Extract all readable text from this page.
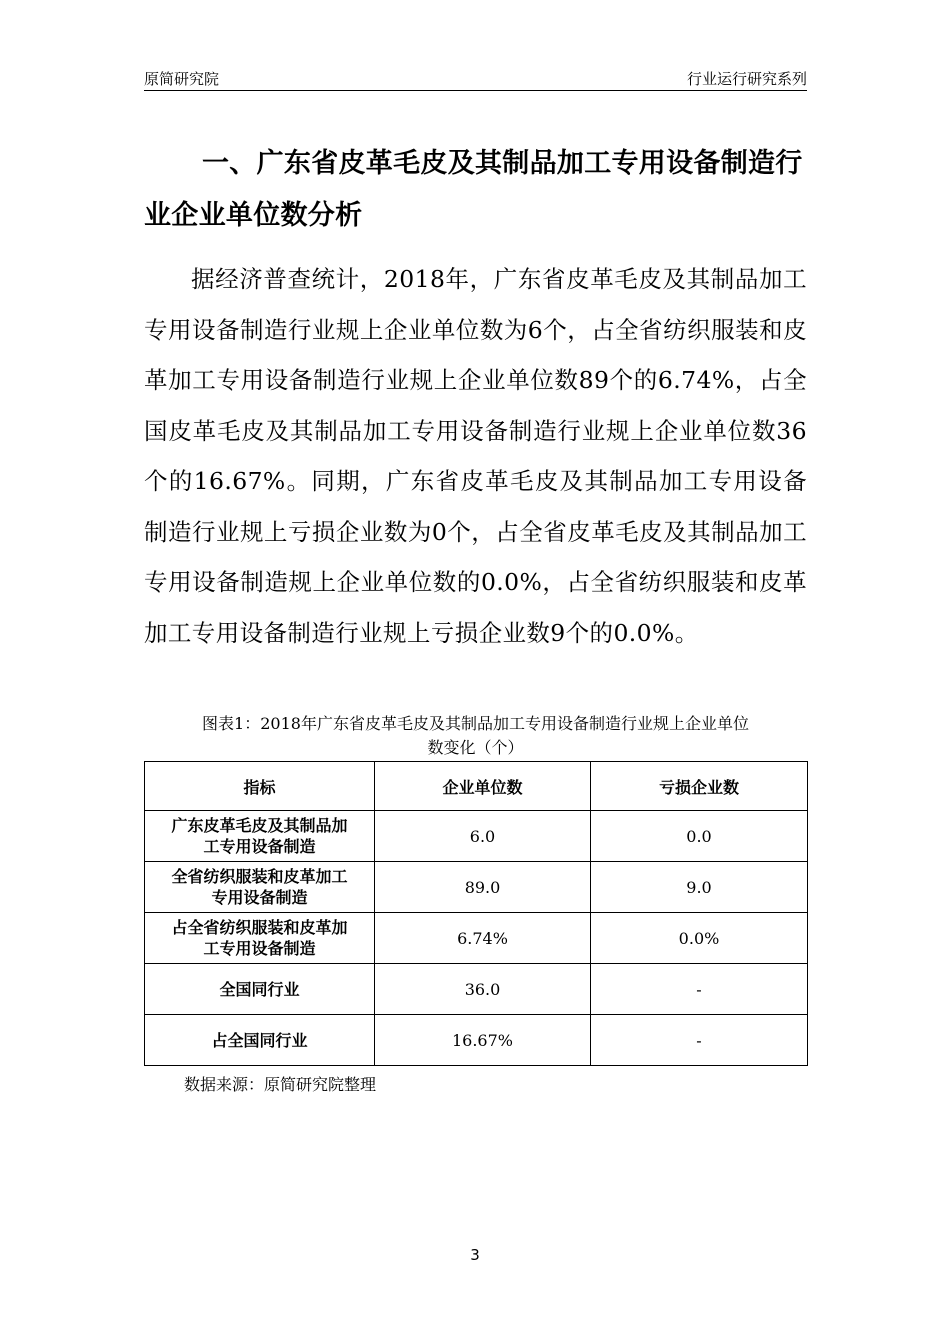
原简研究院	行业运行研究系列
一、广东省皮革毛皮及其制品加工专用设备制造行业企业单位数分析

据经济普查统计，2018年，广东省皮革毛皮及其制品加工专用设备制造行业规上企业单位数为6个，占全省纺织服装和皮革加工专用设备制造行业规上企业单位数89个的6.74%，占全国皮革毛皮及其制品加工专用设备制造行业规上企业单位数36个的16.67%。同期，广东省皮革毛皮及其制品加工专用设备制造行业规上亏损企业数为0个，占全省皮革毛皮及其制品加工专用设备制造规上企业单位数的0.0%，占全省纺织服装和皮革加工专用设备制造行业规上亏损企业数9个的0.0%。

图表1：2018年广东省皮革毛皮及其制品加工专用设备制造行业规上企业单位
数变化（个）
指标	企业单位数	亏损企业数

广东皮革毛皮及其制品加
工专用设备制造	6.0	0.0

全省纺织服装和皮革加工
专用设备制造	89.0	9.0

占全省纺织服装和皮革加
工专用设备制造	6.74%	0.0%

全国同行业	36.0	-

占全国同行业	16.67%	-
数据来源：原简研究院整理
3
